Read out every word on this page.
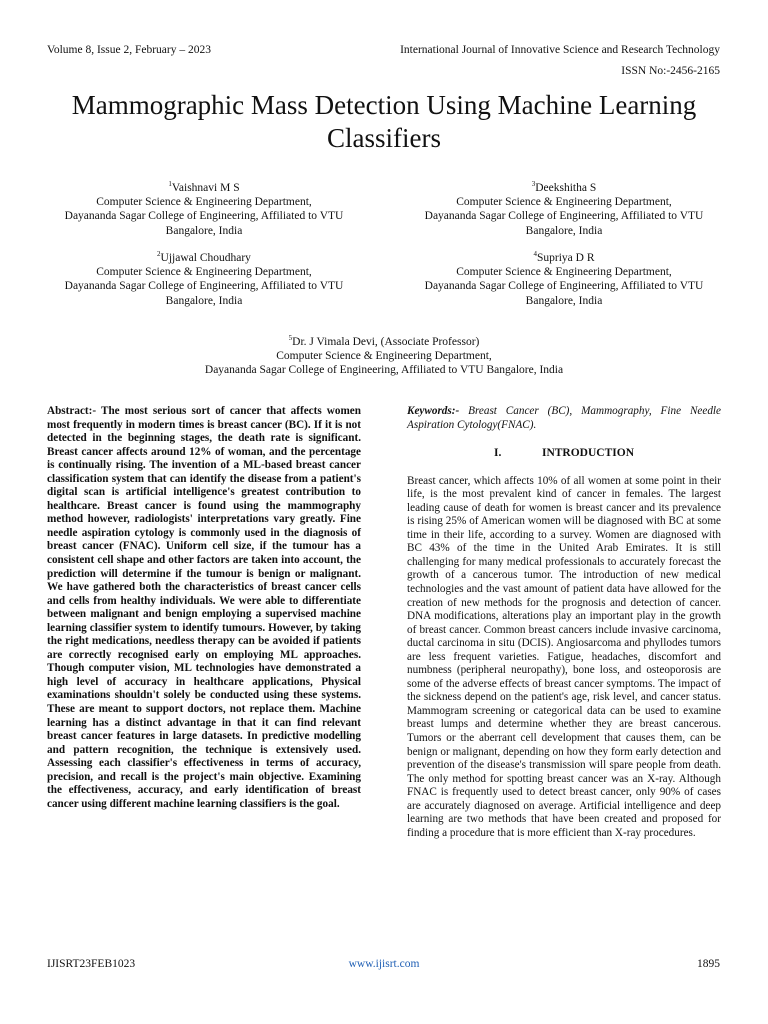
Volume 8, Issue 2, February – 2023	International Journal of Innovative Science and Research Technology
ISSN No:-2456-2165
Mammographic Mass Detection Using Machine Learning Classifiers
$^1$Vaishnavi M S
Computer Science & Engineering Department,
Dayananda Sagar College of Engineering, Affiliated to VTU
Bangalore, India
$^3$Deekshitha S
Computer Science & Engineering Department,
Dayananda Sagar College of Engineering, Affiliated to VTU
Bangalore, India
$^2$Ujjawal Choudhary
Computer Science & Engineering Department,
Dayananda Sagar College of Engineering, Affiliated to VTU
Bangalore, India
$^4$Supriya D R
Computer Science & Engineering Department,
Dayananda Sagar College of Engineering, Affiliated to VTU
Bangalore, India
$^5$Dr. J Vimala Devi, (Associate Professor)
Computer Science & Engineering Department,
Dayananda Sagar College of Engineering, Affiliated to VTU Bangalore, India
Abstract:- The most serious sort of cancer that affects women most frequently in modern times is breast cancer (BC). If it is not detected in the beginning stages, the death rate is significant. Breast cancer affects around 12% of woman, and the percentage is continually rising. The invention of a ML-based breast cancer classification system that can identify the disease from a patient's digital scan is artificial intelligence's greatest contribution to healthcare. Breast cancer is found using the mammography method however, radiologists' interpretations vary greatly. Fine needle aspiration cytology is commonly used in the diagnosis of breast cancer (FNAC). Uniform cell size, if the tumour has a consistent cell shape and other factors are taken into account, the prediction will determine if the tumour is benign or malignant. We have gathered both the characteristics of breast cancer cells and cells from healthy individuals. We were able to differentiate between malignant and benign employing a supervised machine learning classifier system to identify tumours. However, by taking the right medications, needless therapy can be avoided if patients are correctly recognised early on employing ML approaches. Though computer vision, ML technologies have demonstrated a high level of accuracy in healthcare applications, Physical examinations shouldn't solely be conducted using these systems. These are meant to support doctors, not replace them. Machine learning has a distinct advantage in that it can find relevant breast cancer features in large datasets. In predictive modelling and pattern recognition, the technique is extensively used. Assessing each classifier's effectiveness in terms of accuracy, precision, and recall is the project's main objective. Examining the effectiveness, accuracy, and early identification of breast cancer using different machine learning classifiers is the goal.
Keywords:- Breast Cancer (BC), Mammography, Fine Needle Aspiration Cytology(FNAC).
I.	INTRODUCTION

Breast cancer, which affects 10% of all women at some point in their life, is the most prevalent kind of cancer in females. The largest leading cause of death for women is breast cancer and its prevalence is rising 25% of American women will be diagnosed with BC at some time in their life, according to a survey. Women are diagnosed with BC 43% of the time in the United Arab Emirates. It is still challenging for many medical professionals to accurately forecast the growth of a cancerous tumor. The introduction of new medical technologies and the vast amount of patient data have allowed for the creation of new methods for the prognosis and detection of cancer. DNA modifications, alterations play an important play in the growth of breast cancer. Common breast cancers include invasive carcinoma, ductal carcinoma in situ (DCIS). Angiosarcoma and phyllodes tumors are less frequent varieties. Fatigue, headaches, discomfort and numbness (peripheral neuropathy), bone loss, and osteoporosis are some of the adverse effects of breast cancer symptoms. The impact of the sickness depend on the patient's age, risk level, and cancer status. Mammogram screening or categorical data can be used to examine breast lumps and determine whether they are breast cancerous. Tumors or the aberrant cell development that causes them, can be benign or malignant, depending on how they form early detection and prevention of the disease's transmission will spare people from death. The only method for spotting breast cancer was an X-ray. Although FNAC is frequently used to detect breast cancer, only 90% of cases are accurately diagnosed on average. Artificial intelligence and deep learning are two methods that have been created and proposed for finding a procedure that is more efficient than X-ray procedures.

IJISRT23FEB1023	www.ijisrt.com	1895
